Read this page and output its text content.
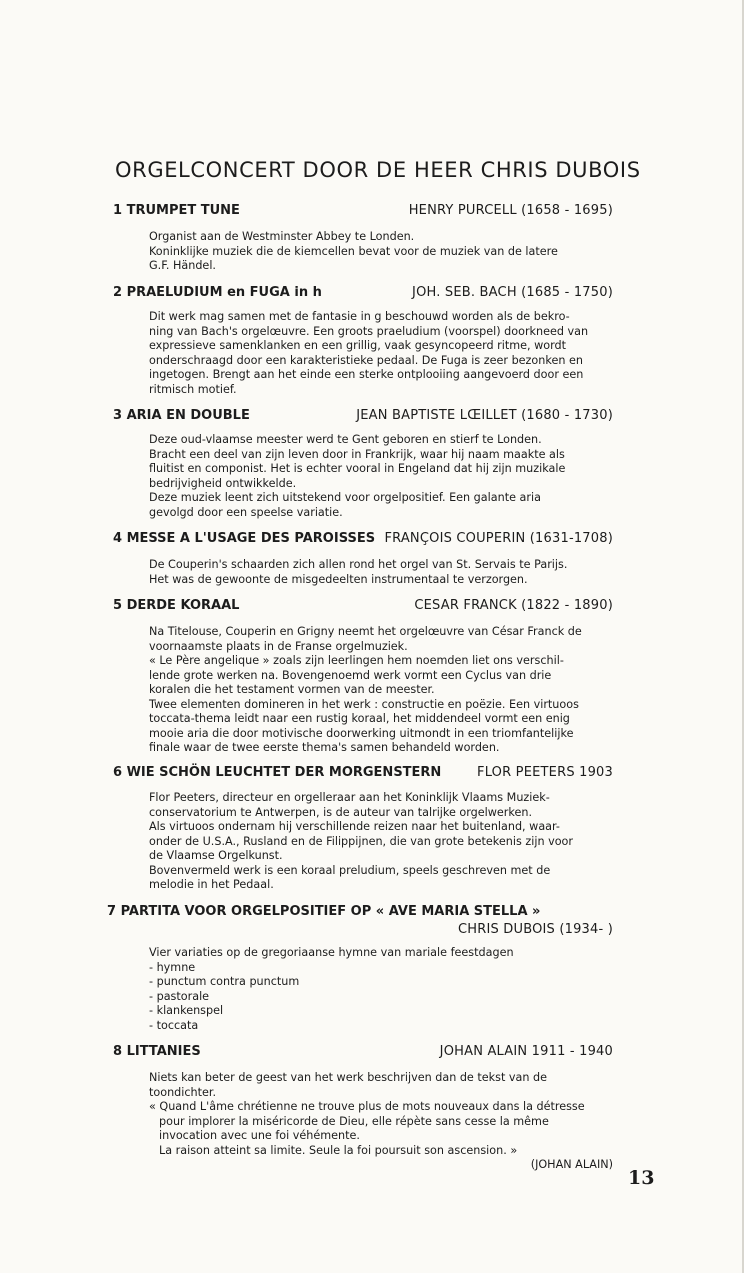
ORGELCONCERT DOOR DE HEER CHRIS DUBOIS
1 TRUMPET TUNE	HENRY PURCELL (1658 - 1695)
Organist aan de Westminster Abbey te Londen.
Koninklijke muziek die de kiemcellen bevat voor de muziek van de latere
G.F. Händel.
2 PRAELUDIUM en FUGA in h	JOH. SEB. BACH (1685 - 1750)
Dit werk mag samen met de fantasie in g beschouwd worden als de bekro-
ning van Bach's orgelœuvre. Een groots praeludium (voorspel) doorkneed van
expressieve samenklanken en een grillig, vaak gesyncopeerd ritme, wordt
onderschraagd door een karakteristieke pedaal. De Fuga is zeer bezonken en
ingetogen. Brengt aan het einde een sterke ontplooiing aangevoerd door een
ritmisch motief.
3 ARIA EN DOUBLE	JEAN BAPTISTE LŒILLET (1680 - 1730)
Deze oud-vlaamse meester werd te Gent geboren en stierf te Londen.
Bracht een deel van zijn leven door in Frankrijk, waar hij naam maakte als
fluitist en componist. Het is echter vooral in Engeland dat hij zijn muzikale
bedrijvigheid ontwikkelde.
Deze muziek leent zich uitstekend voor orgelpositief. Een galante aria
gevolgd door een speelse variatie.
4 MESSE A L'USAGE DES PAROISSES FRANÇOIS COUPERIN (1631-1708)
De Couperin's schaarden zich allen rond het orgel van St. Servais te Parijs.
Het was de gewoonte de misgedeelten instrumentaal te verzorgen.
5 DERDE KORAAL	CESAR FRANCK (1822 - 1890)
Na Titelouse, Couperin en Grigny neemt het orgelœuvre van César Franck de
voornaamste plaats in de Franse orgelmuziek.
« Le Père angelique » zoals zijn leerlingen hem noemden liet ons verschil-
lende grote werken na. Bovengenoemd werk vormt een Cyclus van drie
koralen die het testament vormen van de meester.
Twee elementen domineren in het werk : constructie en poëzie. Een virtuoos
toccata-thema leidt naar een rustig koraal, het middendeel vormt een enig
mooie aria die door motivische doorwerking uitmondt in een triomfantelijke
finale waar de twee eerste thema's samen behandeld worden.
6 WIE SCHÖN LEUCHTET DER MORGENSTERN	FLOR PEETERS 1903
Flor Peeters, directeur en orgelleraar aan het Koninklijk Vlaams Muziek-
conservatorium te Antwerpen, is de auteur van talrijke orgelwerken.
Als virtuoos ondernam hij verschillende reizen naar het buitenland, waar-
onder de U.S.A., Rusland en de Filippijnen, die van grote betekenis zijn voor
de Vlaamse Orgelkunst.
Bovenvermeld werk is een koraal preludium, speels geschreven met de
melodie in het Pedaal.
7 PARTITA VOOR ORGELPOSITIEF OP « AVE MARIA STELLA »
CHRIS DUBOIS (1934- )
Vier variaties op de gregoriaanse hymne van mariale feestdagen
- hymne
- punctum contra punctum
- pastorale
- klankenspel
- toccata
8 LITTANIES	JOHAN ALAIN 1911 - 1940
Niets kan beter de geest van het werk beschrijven dan de tekst van de
toondichter.
« Quand L'âme chrétienne ne trouve plus de mots nouveaux dans la détresse
pour implorer la miséricorde de Dieu, elle répète sans cesse la même
invocation avec une foi véhémente.
La raison atteint sa limite. Seule la foi poursuit son ascension. »
(JOHAN ALAIN)
13
